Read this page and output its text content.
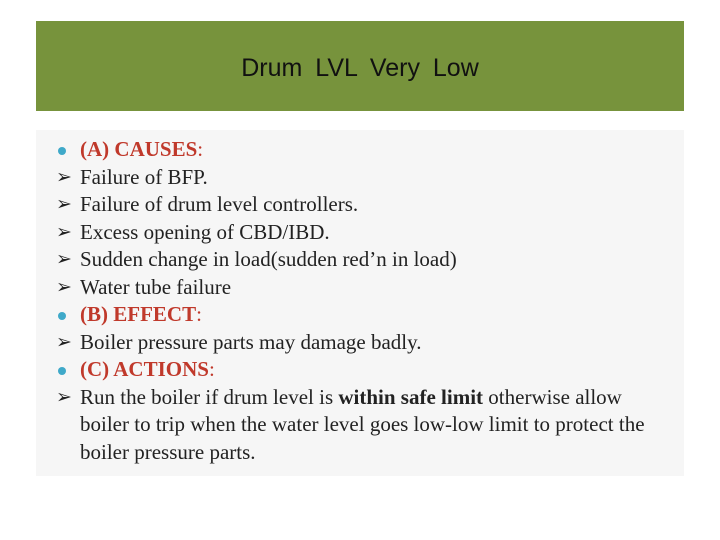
Drum LVL Very Low
(A) CAUSES:
➢ Failure of BFP.
➢ Failure of drum level controllers.
➢ Excess opening of CBD/IBD.
➢ Sudden change in load(sudden red’n in load)
➢ Water tube failure
(B) EFFECT:
➢ Boiler pressure parts may damage badly.
(C) ACTIONS:
➢ Run the boiler if drum level is within safe limit otherwise allow boiler to trip when the water level goes low-low limit to protect the boiler pressure parts.
